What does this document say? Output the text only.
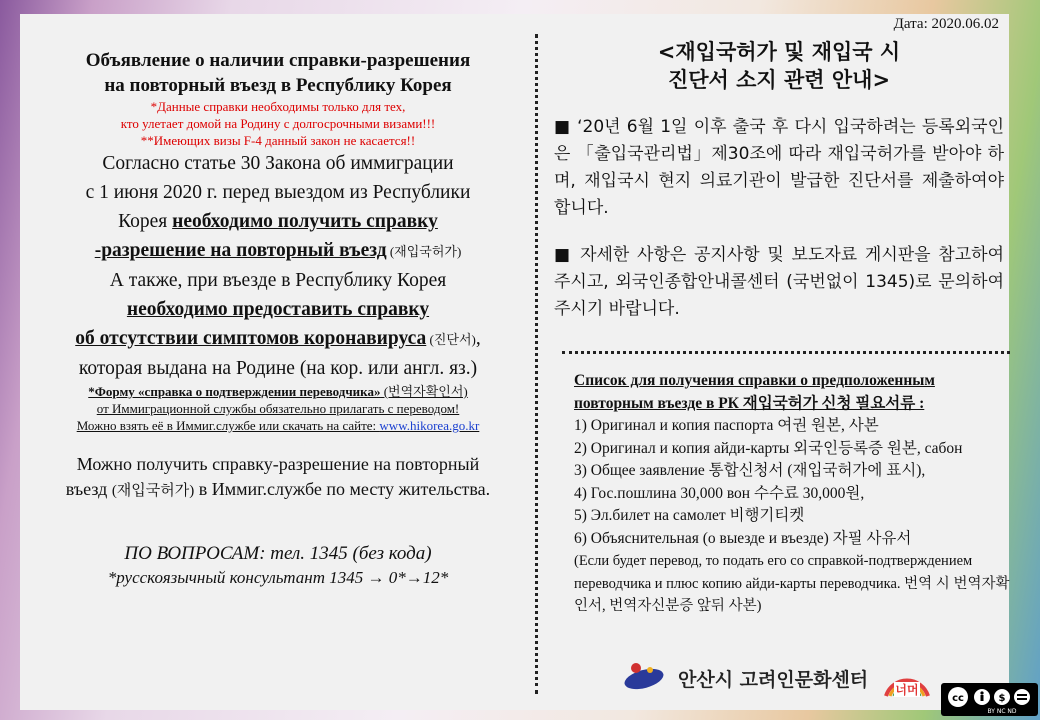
Дата: 2020.06.02
Объявление о наличии справки-разрешения
на повторный въезд в Республику Корея
*Данные справки необходимы только для тех,
кто улетает домой на Родину с долгосрочными визами!!!
**Имеющих визы F-4 данный закон не касается!!
Согласно статье 30 Закона об иммиграции
с 1 июня 2020 г. перед выездом из Республики
Корея необходимо получить справку
-разрешение на повторный въезд (재입국허가)
А также, при въезде в Республику Корея
необходимо предоставить справку
об отсутствии симптомов коронавируса (진단서),
которая выдана на Родине (на кор. или англ. яз.)
*Форму «справка о подтверждении переводчика» (번역자확인서)
от Иммиграционной службы обязательно прилагать с переводом!
Можно взять её в Иммиг.службе или скачать на сайте: www.hikorea.go.kr
Можно получить справку-разрешение на повторный
въезд (재입국허가) в Иммиг.службе по месту жительства.
ПО ВОПРОСАМ: тел. 1345 (без кода)
*русскоязычный консультант 1345 → 0*→12*
<재입국허가 및 재입국 시
진단서 소지 관련 안내>
■ ‘20년 6월 1일 이후 출국 후 다시 입국하려는 등록외국인은 「출입국관리법」제30조에 따라 재입국허가를 받아야 하며, 재입국시 현지 의료기관이 발급한 진단서를 제출하여야 합니다.
■ 자세한 사항은 공지사항 및 보도자료 게시판을 참고하여 주시고, 외국인종합안내콜센터 (국번없이 1345)로 문의하여 주시기 바랍니다.
Список для получения справки о предположенным повторным въезде в РК 재입국허가 신청 필요서류 :
1) Оригинал и копия паспорта 여권 원본, 사본
2) Оригинал и копия айди-карты 외국인등록증 원본, сабон
3) Общее заявление 통합신청서 (재입국허가에 표시),
4) Гос.пошлина 30,000 вон 수수료 30,000원,
5) Эл.билет на самолет 비행기티켓
6) Объяснительная (о выезде и въезде) 자필 사유서
(Если будет перевод, то подать его со справкой-подтверждением переводчика и плюс копию айди-карты переводчика. 번역 시 번역자확인서, 번역자신분증 앞뒤 사본)
안산시 고려인문화센터 너머
cc	$
BY NC ND
